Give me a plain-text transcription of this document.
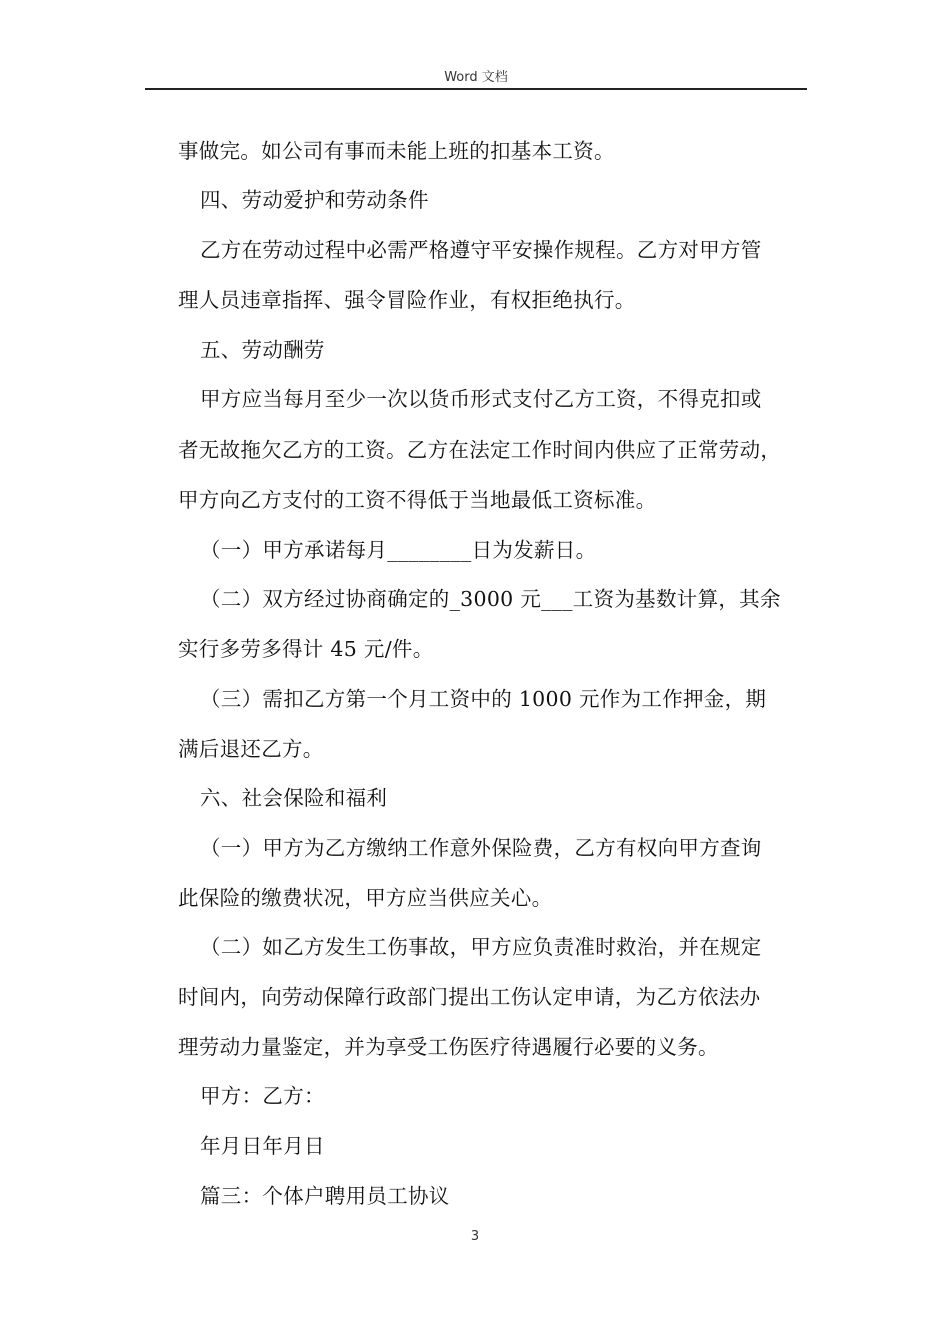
Word 文档
事做完。如公司有事而未能上班的扣基本工资。
四、劳动爱护和劳动条件
乙方在劳动过程中必需严格遵守平安操作规程。乙方对甲方管
理人员违章指挥、强令冒险作业，有权拒绝执行。
五、劳动酬劳
甲方应当每月至少一次以货币形式支付乙方工资，不得克扣或
者无故拖欠乙方的工资。乙方在法定工作时间内供应了正常劳动，
甲方向乙方支付的工资不得低于当地最低工资标准。
（一）甲方承诺每月________日为发薪日。
（二）双方经过协商确定的_3000 元___工资为基数计算，其余
实行多劳多得计 45 元/件。
（三）需扣乙方第一个月工资中的 1000 元作为工作押金，期
满后退还乙方。
六、社会保险和福利
（一）甲方为乙方缴纳工作意外保险费，乙方有权向甲方查询
此保险的缴费状况，甲方应当供应关心。
（二）如乙方发生工伤事故，甲方应负责准时救治，并在规定
时间内，向劳动保障行政部门提出工伤认定申请，为乙方依法办
理劳动力量鉴定，并为享受工伤医疗待遇履行必要的义务。
甲方：乙方：
年月日年月日
篇三：个体户聘用员工协议
3
